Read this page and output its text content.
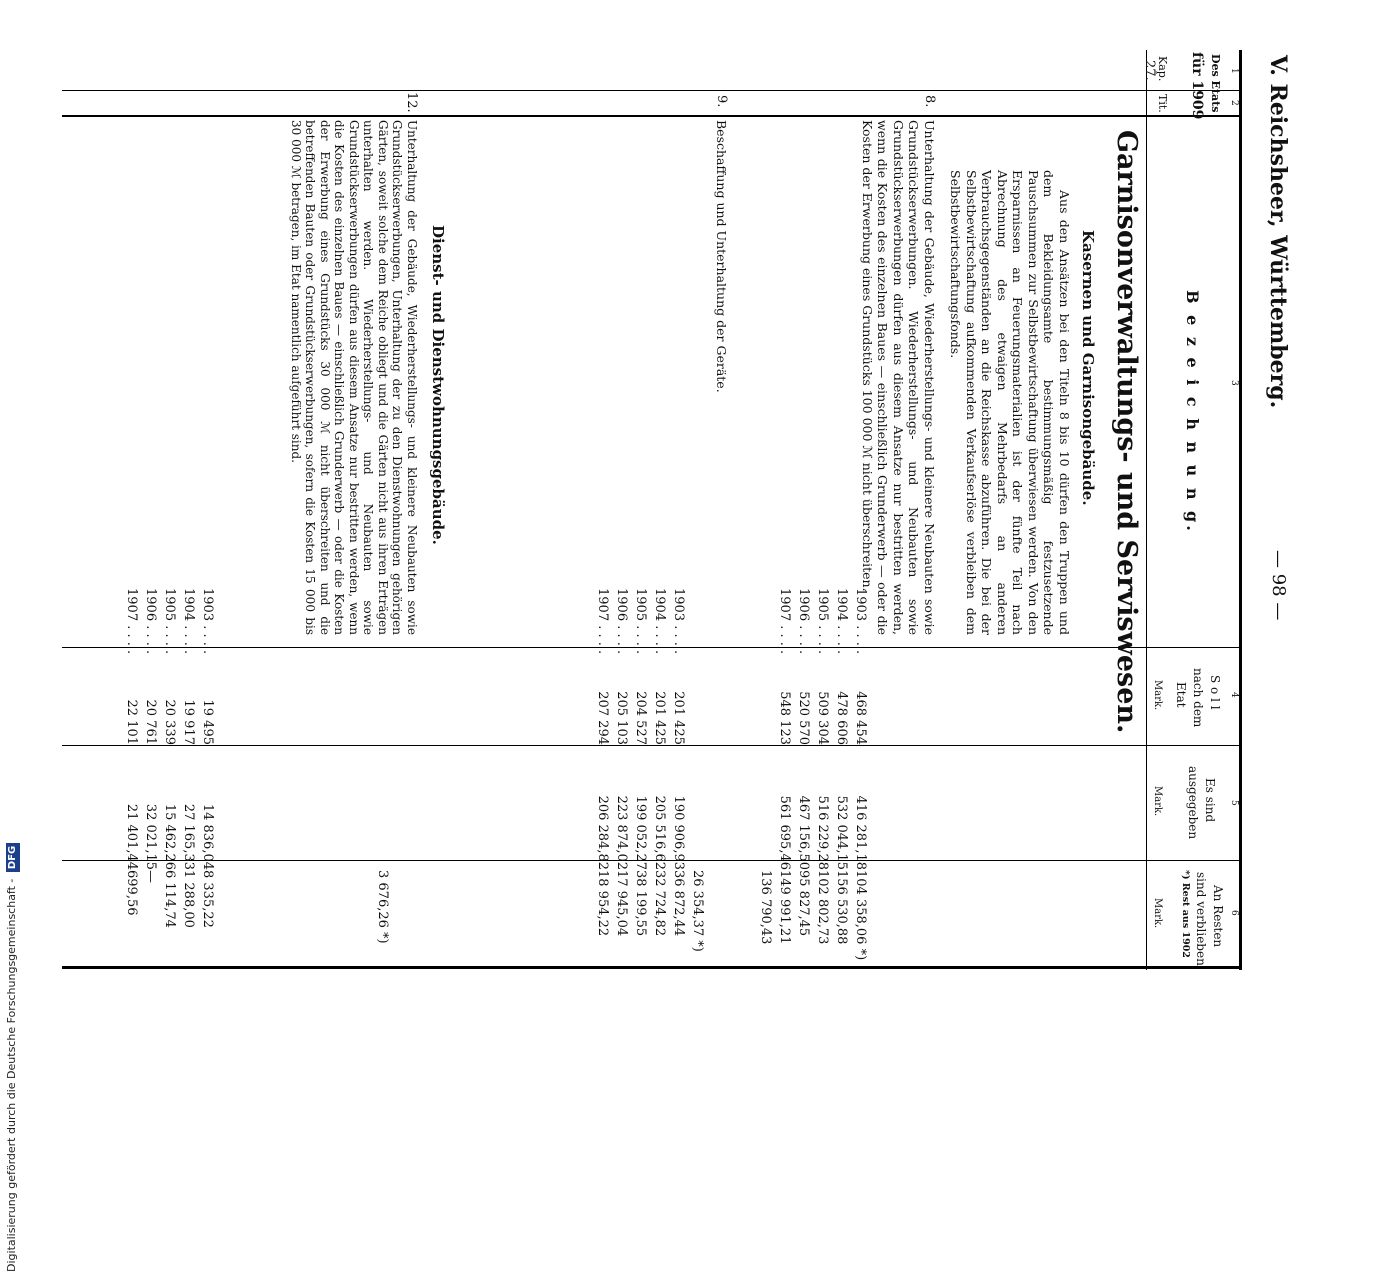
Digitalisierung gefördert durch die Deutsche Forschungsgemeinschaft - DFG
V. Reichsheer, Württemberg.
— 98 —
1
2
3
4
5
6
Des Etats
für 1909
Kap.
Tit.
B e z e i c h n u n g.
S o l l
nach dem
Etat
Mark.
Es sind
ausgegeben
Mark.
An Resten
sind verblieben
*) Rest aus 1902
Mark.
27.
Garnisonverwaltungs- und Serviswesen.
Kasernen und Garnisongebäude.
Aus den Ansätzen bei den Titeln 8 bis 10 dürfen den Truppen und dem Bekleidungsamte bestimmungsmäßig festzusetzende Pauschsummen zur Selbstbewirtschaftung überwiesen werden. Von den Ersparnissen an Feuerungsmaterialien ist der fünfte Teil nach Abrechnung des etwaigen Mehrbedarfs an anderen Verbrauchsgegenständen an die Reichskasse abzuführen. Die bei der Selbstbewirtschaftung aufkommenden Verkaufserlöse verbleiben dem Selbstbewirtschaftungsfonds.
8.
Unterhaltung der Gebäude, Wiederherstellungs- und kleinere Neubauten sowie Grundstückserwerbungen. Wiederherstellungs- und Neubauten sowie Grundstückserwerbungen dürfen aus diesem Ansatze nur bestritten werden, wenn die Kosten des einzelnen Baues — einschließlich Grunderwerb — oder die Kosten der Erwerbung eines Grundstücks 100 000 ℳ nicht überschreiten.
1903 . . . .
468 454
416 281,18
104 358,06 *)
1904 . . . .
478 606
532 044,15
156 530,88
1905 . . . .
509 304
516 229,28
102 802,73
1906 . . . .
520 570
467 156,50
95 827,45
1907 . . . .
548 123
561 695,46
149 991,21
136 790,43
9.
Beschaffung und Unterhaltung der Geräte.
26 354,37 *)
1903 . . . .
201 425
190 906,93
36 872,44
1904 . . . .
201 425
205 516,62
32 724,82
1905 . . . .
204 527
199 052,27
38 199,55
1906 . . . .
205 103
223 874,02
17 945,04
1907 . . . .
207 294
206 284,82
18 954,22
Dienst- und Dienstwohnungsgebäude.
12.
Unterhaltung der Gebäude, Wiederherstellungs- und kleinere Neubauten sowie Grundstückserwerbungen, Unterhaltung der zu den Dienstwohnungen gehörigen Gärten, soweit solche dem Reiche obliegt und die Gärten nicht aus ihren Erträgen unterhalten werden. Wiederherstellungs- und Neubauten sowie Grundstückserwerbungen dürfen aus diesem Ansatze nur bestritten werden, wenn die Kosten des einzelnen Baues — einschließlich Grunderwerb — oder die Kosten der Erwerbung eines Grundstücks 30 000 ℳ nicht überschreiten und die betreffenden Bauten oder Grundstückserwerbungen, sofern die Kosten 15 000 bis 30 000 ℳ betragen, im Etat namentlich aufgeführt sind.
3 676,26 *)
1903 . . . .
19 495
14 836,04
8 335,22
1904 . . . .
19 917
27 165,33
1 288,00
1905 . . . .
20 339
15 462,26
6 114,74
1906 . . . .
20 761
32 021,15
—
1907 . . . .
22 101
21 401,44
699,56
